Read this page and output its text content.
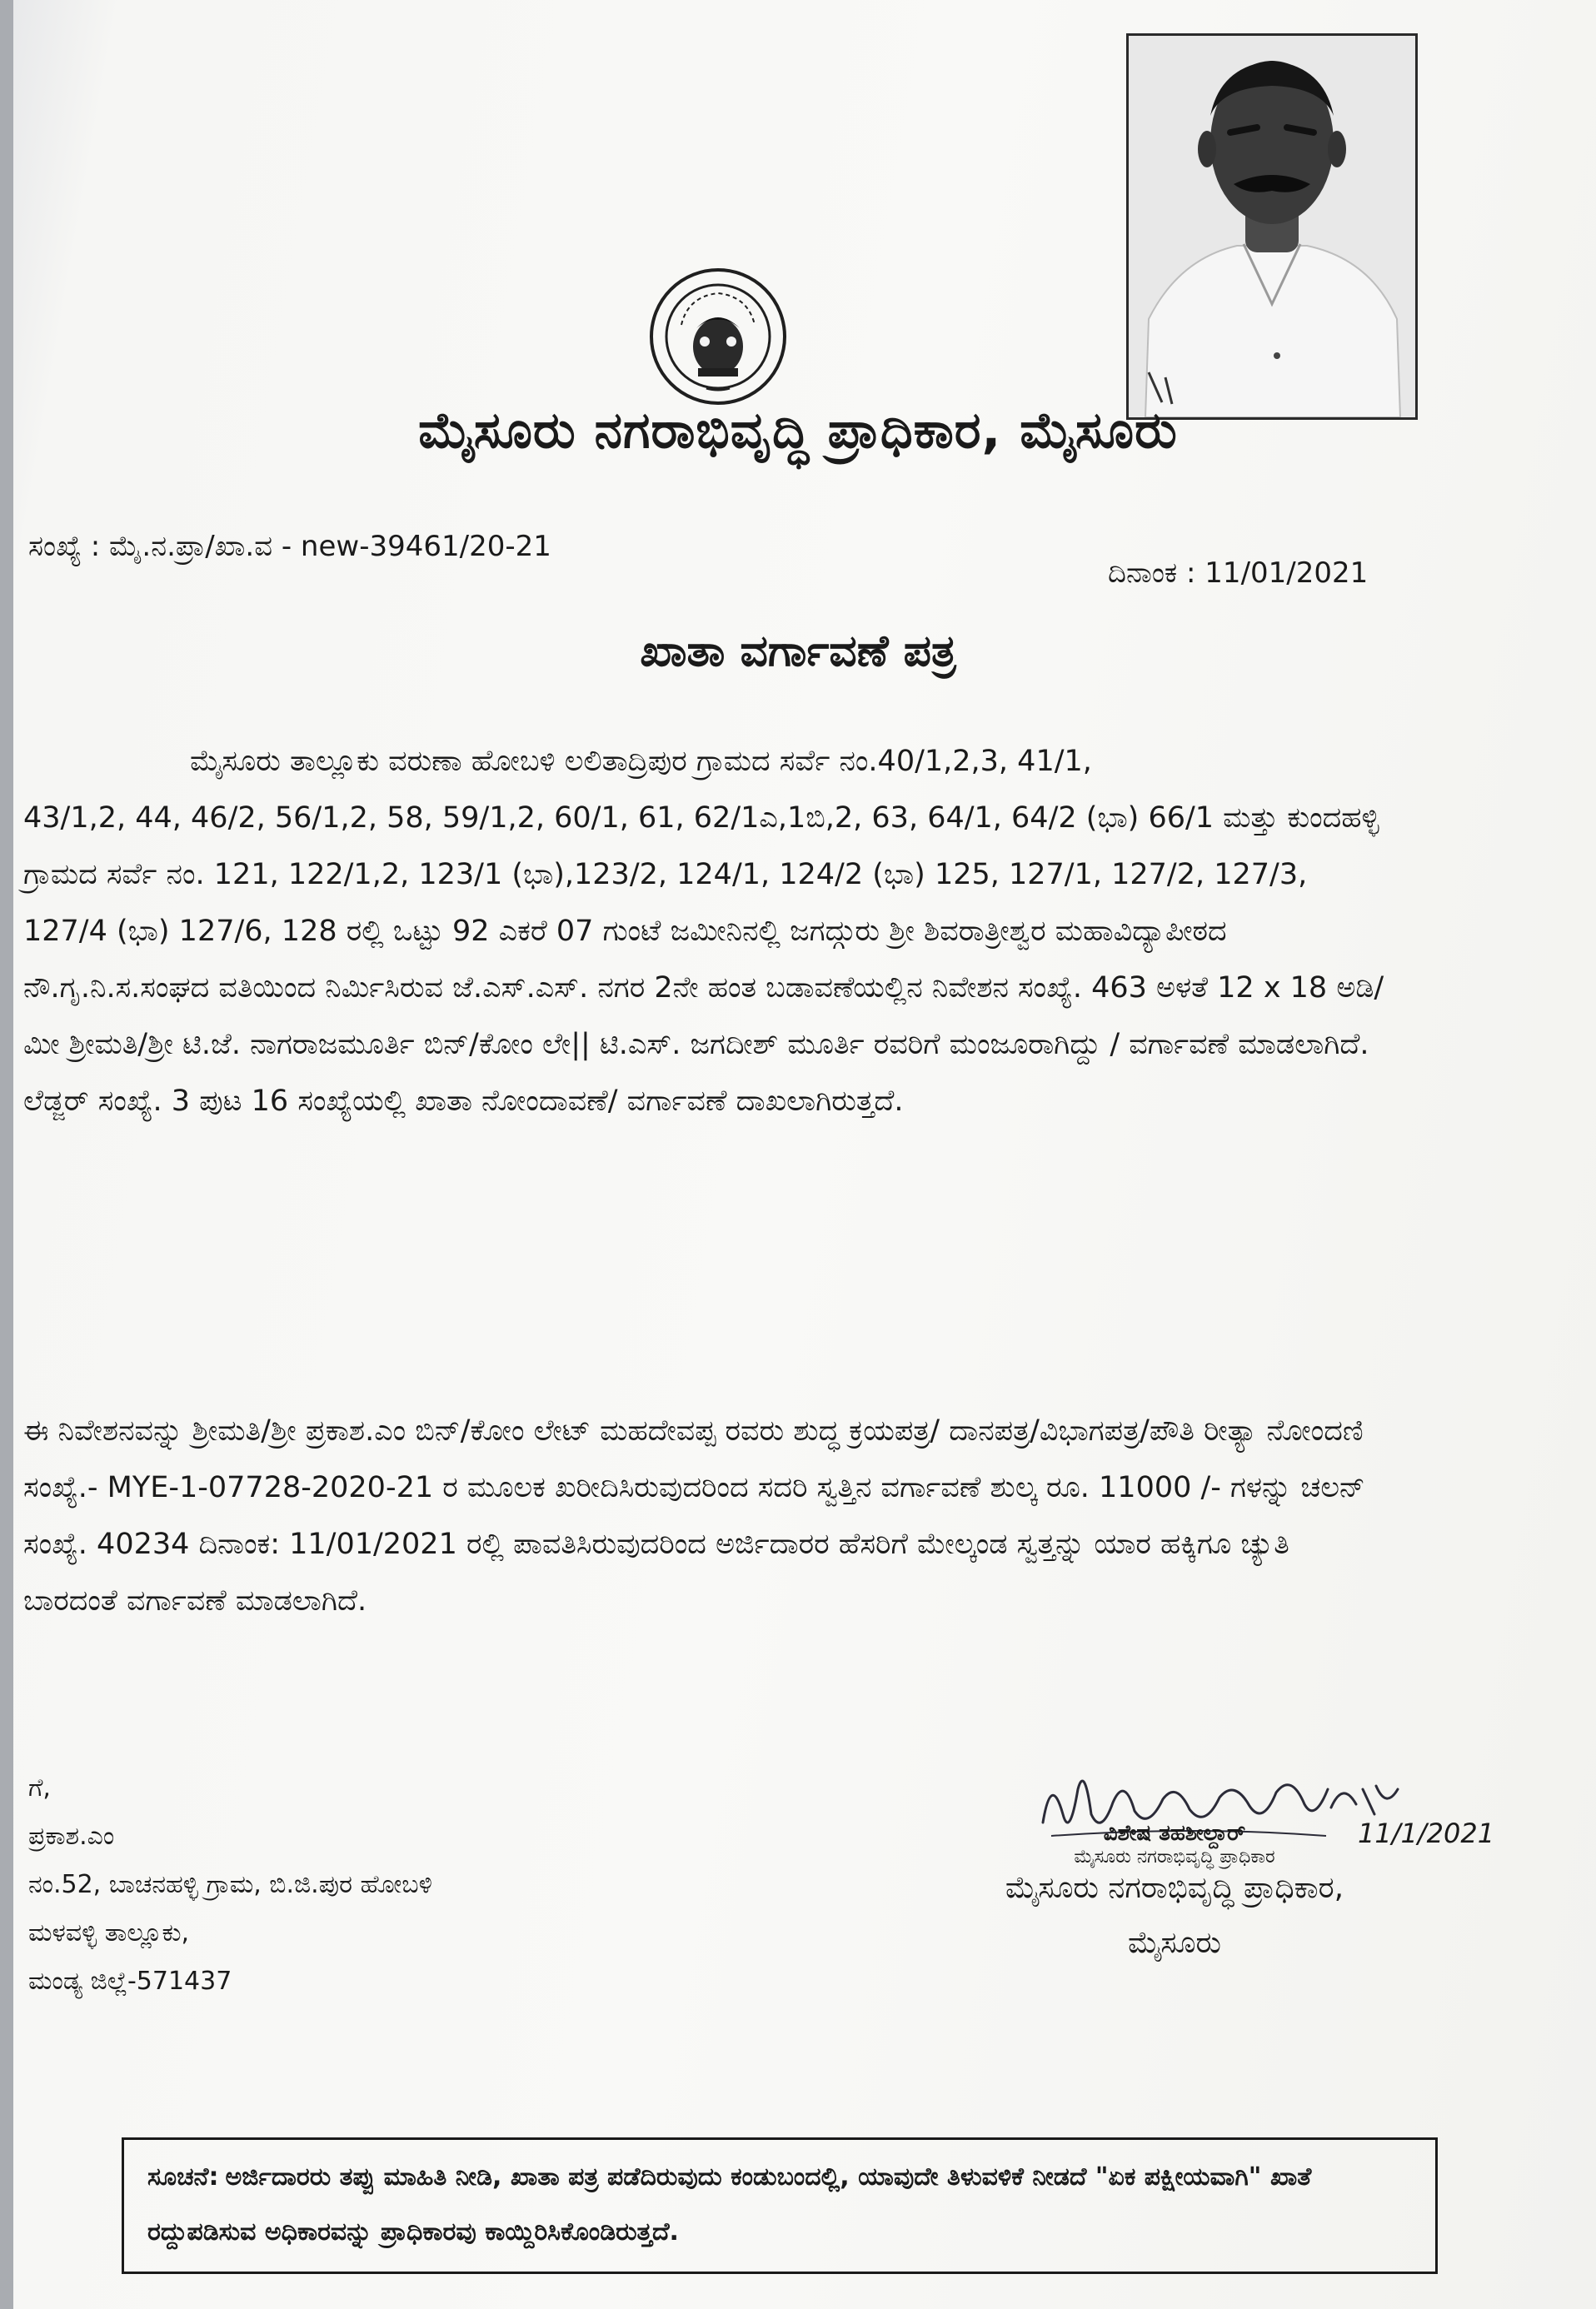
ಮೈಸೂರು ನಗರಾಭಿವೃದ್ಧಿ ಪ್ರಾಧಿಕಾರ, ಮೈಸೂರು
ಸಂಖ್ಯೆ : ಮೈ.ನ.ಪ್ರಾ/ಖಾ.ವ - new-39461/20-21
ದಿನಾಂಕ : 11/01/2021
ಖಾತಾ ವರ್ಗಾವಣೆ ಪತ್ರ

ಮೈಸೂರು ತಾಲ್ಲೂಕು ವರುಣಾ ಹೋಬಳಿ ಲಲಿತಾದ್ರಿಪುರ ಗ್ರಾಮದ ಸರ್ವೆ ನಂ.40/1,2,3, 41/1,
43/1,2, 44, 46/2, 56/1,2, 58, 59/1,2, 60/1, 61, 62/1ಎ,1ಬಿ,2, 63, 64/1, 64/2 (ಭಾ) 66/1 ಮತ್ತು ಕುಂದಹಳ್ಳಿ ಗ್ರಾಮದ ಸರ್ವೆ ನಂ. 121, 122/1,2, 123/1 (ಭಾ),123/2, 124/1, 124/2 (ಭಾ) 125, 127/1, 127/2, 127/3, 127/4 (ಭಾ) 127/6, 128 ರಲ್ಲಿ ಒಟ್ಟು 92 ಎಕರೆ 07 ಗುಂಟೆ ಜಮೀನಿನಲ್ಲಿ ಜಗದ್ಗುರು ಶ್ರೀ ಶಿವರಾತ್ರೀಶ್ವರ ಮಹಾವಿದ್ಯಾಪೀಠದ ನೌ.ಗೃ.ನಿ.ಸ.ಸಂಘದ ವತಿಯಿಂದ ನಿರ್ಮಿಸಿರುವ ಜೆ.ಎಸ್.ಎಸ್. ನಗರ 2ನೇ ಹಂತ ಬಡಾವಣೆಯಲ್ಲಿನ ನಿವೇಶನ ಸಂಖ್ಯೆ. 463 ಅಳತೆ 12 x 18 ಅಡಿ/ಮೀ ಶ್ರೀಮತಿ/ಶ್ರೀ ಟಿ.ಜೆ. ನಾಗರಾಜಮೂರ್ತಿ ಬಿನ್/ಕೋಂ ಲೇ|| ಟಿ.ಎಸ್. ಜಗದೀಶ್ ಮೂರ್ತಿ ರವರಿಗೆ ಮಂಜೂರಾಗಿದ್ದು / ವರ್ಗಾವಣೆ ಮಾಡಲಾಗಿದೆ. ಲೆಡ್ಜರ್ ಸಂಖ್ಯೆ. 3 ಪುಟ 16 ಸಂಖ್ಯೆಯಲ್ಲಿ ಖಾತಾ ನೋಂದಾವಣೆ/ ವರ್ಗಾವಣೆ ದಾಖಲಾಗಿರುತ್ತದೆ.

ಈ ನಿವೇಶನವನ್ನು ಶ್ರೀಮತಿ/ಶ್ರೀ ಪ್ರಕಾಶ.ಎಂ ಬಿನ್/ಕೋಂ ಲೇಟ್ ಮಹದೇವಪ್ಪ ರವರು ಶುದ್ಧ ಕ್ರಯಪತ್ರ/ ದಾನಪತ್ರ/ವಿಭಾಗಪತ್ರ/ಪೌತಿ ರೀತ್ಯಾ ನೋಂದಣಿ ಸಂಖ್ಯೆ.- MYE-1-07728-2020-21 ರ ಮೂಲಕ ಖರೀದಿಸಿರುವುದರಿಂದ ಸದರಿ ಸ್ವತ್ತಿನ ವರ್ಗಾವಣೆ ಶುಲ್ಕ ರೂ. 11000 /- ಗಳನ್ನು ಚಲನ್ ಸಂಖ್ಯೆ. 40234 ದಿನಾಂಕ: 11/01/2021 ರಲ್ಲಿ ಪಾವತಿಸಿರುವುದರಿಂದ ಅರ್ಜಿದಾರರ ಹೆಸರಿಗೆ ಮೇಲ್ಕಂಡ ಸ್ವತ್ತನ್ನು ಯಾರ ಹಕ್ಕಿಗೂ ಚ್ಯುತಿ ಬಾರದಂತೆ ವರ್ಗಾವಣೆ ಮಾಡಲಾಗಿದೆ.

ಗೆ,
ಪ್ರಕಾಶ.ಎಂ
ನಂ.52, ಬಾಚನಹಳ್ಳಿ ಗ್ರಾಮ, ಬಿ.ಜಿ.ಪುರ ಹೋಬಳಿ
ಮಳವಳ್ಳಿ ತಾಲ್ಲೂಕು,
ಮಂಡ್ಯ ಜಿಲ್ಲೆ-571437
11/1/2021
ವಿಶೇಷ ತಹಶೀಲ್ದಾರ್
ಮೈಸೂರು ನಗರಾಭಿವೃದ್ಧಿ ಪ್ರಾಧಿಕಾರ
ಮೈಸೂರು ನಗರಾಭಿವೃದ್ಧಿ ಪ್ರಾಧಿಕಾರ,
ಮೈಸೂರು
ಸೂಚನೆ: ಅರ್ಜಿದಾರರು ತಪ್ಪು ಮಾಹಿತಿ ನೀಡಿ, ಖಾತಾ ಪತ್ರ ಪಡೆದಿರುವುದು ಕಂಡುಬಂದಲ್ಲಿ, ಯಾವುದೇ ತಿಳುವಳಿಕೆ ನೀಡದೆ "ಏಕ ಪಕ್ಷೀಯವಾಗಿ" ಖಾತೆ ರದ್ದುಪಡಿಸುವ ಅಧಿಕಾರವನ್ನು ಪ್ರಾಧಿಕಾರವು ಕಾಯ್ದಿರಿಸಿಕೊಂಡಿರುತ್ತದೆ.
